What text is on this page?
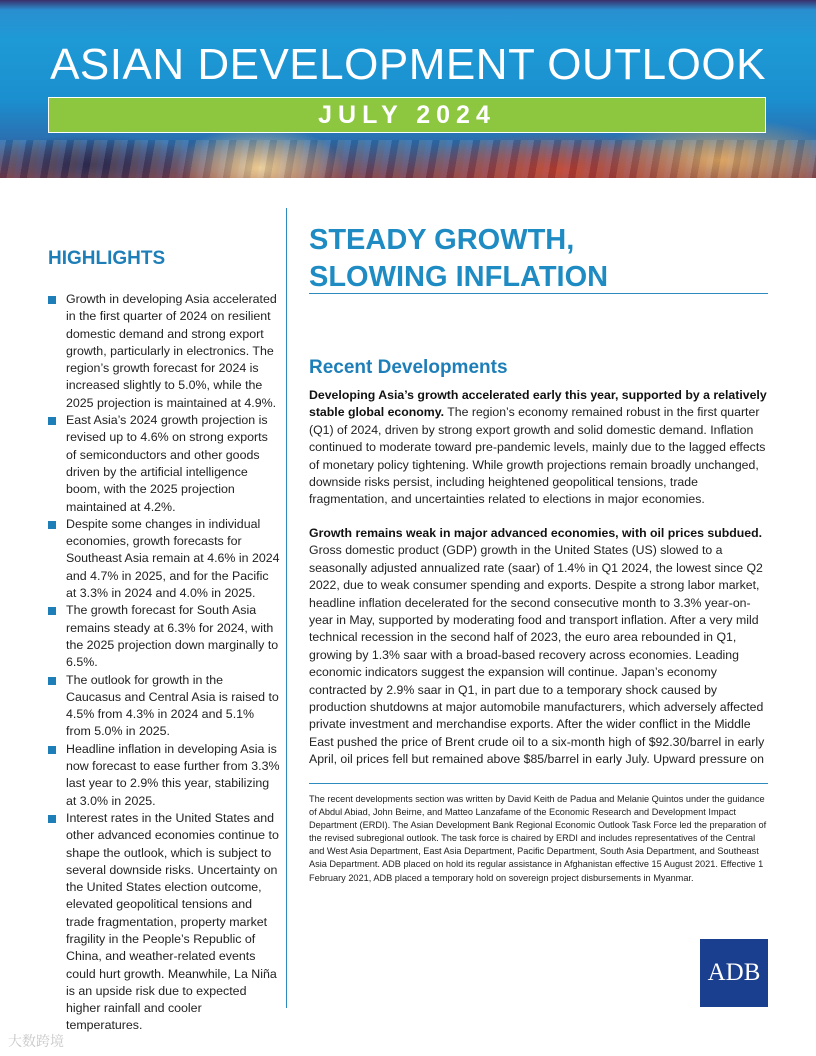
ASIAN DEVELOPMENT OUTLOOK
JULY 2024
HIGHLIGHTS
Growth in developing Asia accelerated in the first quarter of 2024 on resilient domestic demand and strong export growth, particularly in electronics. The region’s growth forecast for 2024 is increased slightly to 5.0%, while the 2025 projection is maintained at 4.9%.
East Asia’s 2024 growth projection is revised up to 4.6% on strong exports of semiconductors and other goods driven by the artificial intelligence boom, with the 2025 projection maintained at 4.2%.
Despite some changes in individual economies, growth forecasts for Southeast Asia remain at 4.6% in 2024 and 4.7% in 2025, and for the Pacific at 3.3% in 2024 and 4.0% in 2025.
The growth forecast for South Asia remains steady at 6.3% for 2024, with the 2025 projection down marginally to 6.5%.
The outlook for growth in the Caucasus and Central Asia is raised to 4.5% from 4.3% in 2024 and 5.1% from 5.0% in 2025.
Headline inflation in developing Asia is now forecast to ease further from 3.3% last year to 2.9% this year, stabilizing at 3.0% in 2025.
Interest rates in the United States and other advanced economies continue to shape the outlook, which is subject to several downside risks. Uncertainty on the United States election outcome, elevated geopolitical tensions and trade fragmentation, property market fragility in the People’s Republic of China, and weather-related events could hurt growth. Meanwhile, La Niña is an upside risk due to expected higher rainfall and cooler temperatures.
STEADY GROWTH,
SLOWING INFLATION
Recent Developments

Developing Asia’s growth accelerated early this year, supported by a relatively stable global economy. The region’s economy remained robust in the first quarter (Q1) of 2024, driven by strong export growth and solid domestic demand. Inflation continued to moderate toward pre-pandemic levels, mainly due to the lagged effects of monetary policy tightening. While growth projections remain broadly unchanged, downside risks persist, including heightened geopolitical tensions, trade fragmentation, and uncertainties related to elections in major economies.

Growth remains weak in major advanced economies, with oil prices subdued. Gross domestic product (GDP) growth in the United States (US) slowed to a seasonally adjusted annualized rate (saar) of 1.4% in Q1 2024, the lowest since Q2 2022, due to weak consumer spending and exports. Despite a strong labor market, headline inflation decelerated for the second consecutive month to 3.3% year-on-year in May, supported by moderating food and transport inflation. After a very mild technical recession in the second half of 2023, the euro area rebounded in Q1, growing by 1.3% saar with a broad-based recovery across economies. Leading economic indicators suggest the expansion will continue. Japan’s economy contracted by 2.9% saar in Q1, in part due to a temporary shock caused by production shutdowns at major automobile manufacturers, which adversely affected private investment and merchandise exports. After the wider conflict in the Middle East pushed the price of Brent crude oil to a six-month high of $92.30/barrel in early April, oil prices fell but remained above $85/barrel in early July. Upward pressure on

The recent developments section was written by David Keith de Padua and Melanie Quintos under the guidance of Abdul Abiad, John Beirne, and Matteo Lanzafame of the Economic Research and Development Impact Department (ERDI). The Asian Development Bank Regional Economic Outlook Task Force led the preparation of the revised subregional outlook. The task force is chaired by ERDI and includes representatives of the Central and West Asia Department, East Asia Department, Pacific Department, South Asia Department, and Southeast Asia Department. ADB placed on hold its regular assistance in Afghanistan effective 15 August 2021. Effective 1 February 2021, ADB placed a temporary hold on sovereign project disbursements in Myanmar.

ADB
大数跨境
